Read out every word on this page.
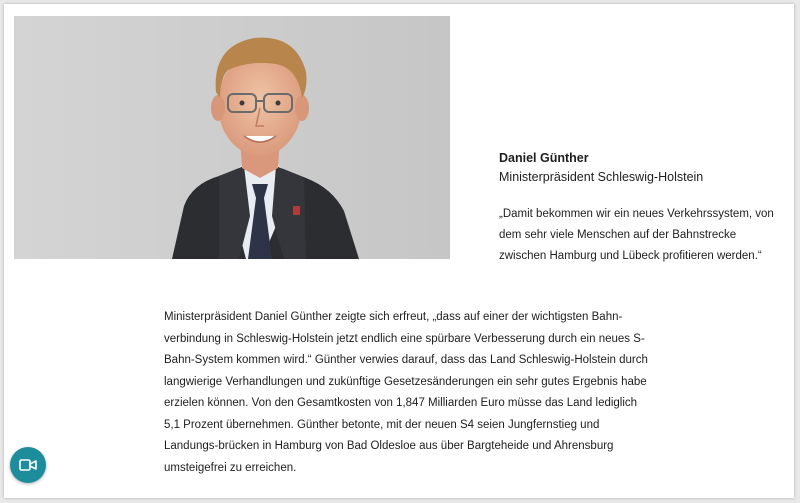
Daniel Günther
Ministerpräsident Schleswig-Holstein
„Damit bekommen wir ein neues Verkehrssystem, von dem sehr viele Menschen auf der Bahnstrecke zwischen Hamburg und Lübeck profitieren werden.“
Ministerpräsident Daniel Günther zeigte sich erfreut, „dass auf einer der wichtigsten Bahn-verbindung in Schleswig-Holstein jetzt endlich eine spürbare Verbesserung durch ein neues S-Bahn-System kommen wird.“ Günther verwies darauf, dass das Land Schleswig-Holstein durch langwierige Verhandlungen und zukünftige Gesetzesänderungen ein sehr gutes Ergebnis habe erzielen können. Von den Gesamtkosten von 1,847 Milliarden Euro müsse das Land lediglich 5,1 Prozent übernehmen. Günther betonte, mit der neuen S4 seien Jungfernstieg und Landungs-brücken in Hamburg von Bad Oldesloe aus über Bargteheide und Ahrensburg umsteigefrei zu erreichen.
